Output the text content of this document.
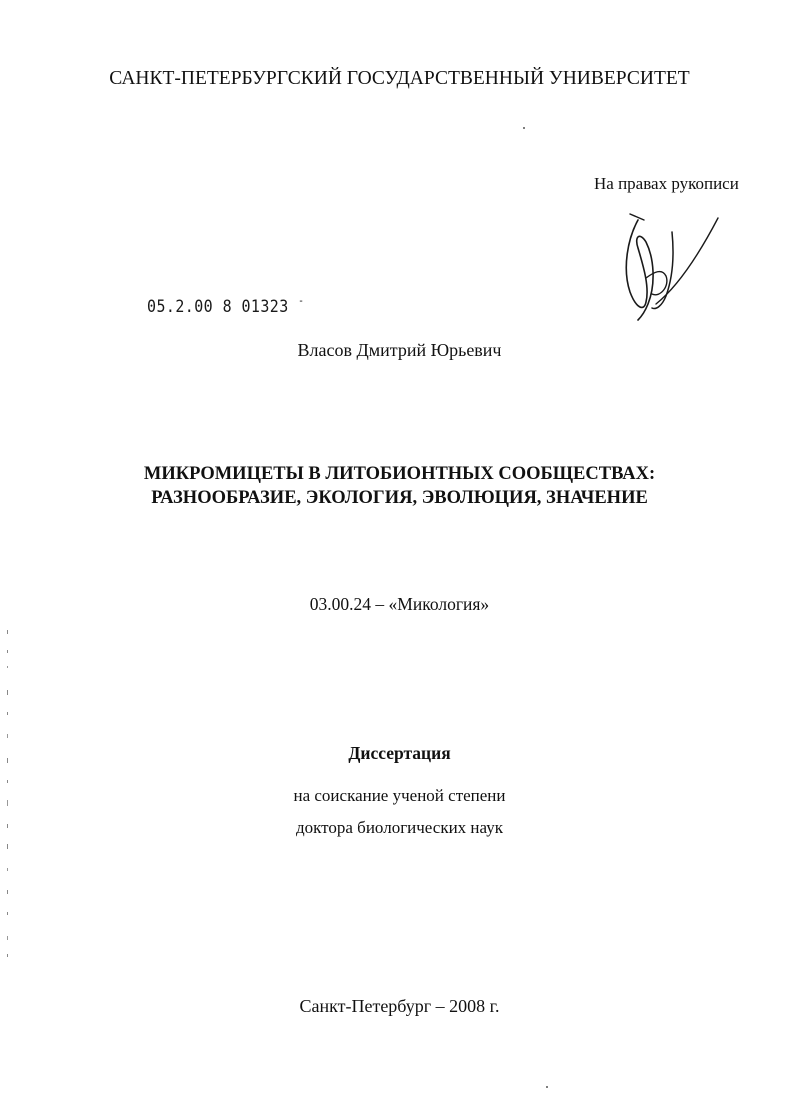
САНКТ-ПЕТЕРБУРГСКИЙ ГОСУДАРСТВЕННЫЙ УНИВЕРСИТЕТ
На правах рукописи
05.2.00 8 01323 -
Власов Дмитрий Юрьевич
МИКРОМИЦЕТЫ В ЛИТОБИОНТНЫХ СООБЩЕСТВАХ:
РАЗНООБРАЗИЕ, ЭКОЛОГИЯ, ЭВОЛЮЦИЯ, ЗНАЧЕНИЕ
03.00.24 – «Микология»
Диссертация
на соискание ученой степени
доктора биологических наук
Санкт-Петербург – 2008 г.
